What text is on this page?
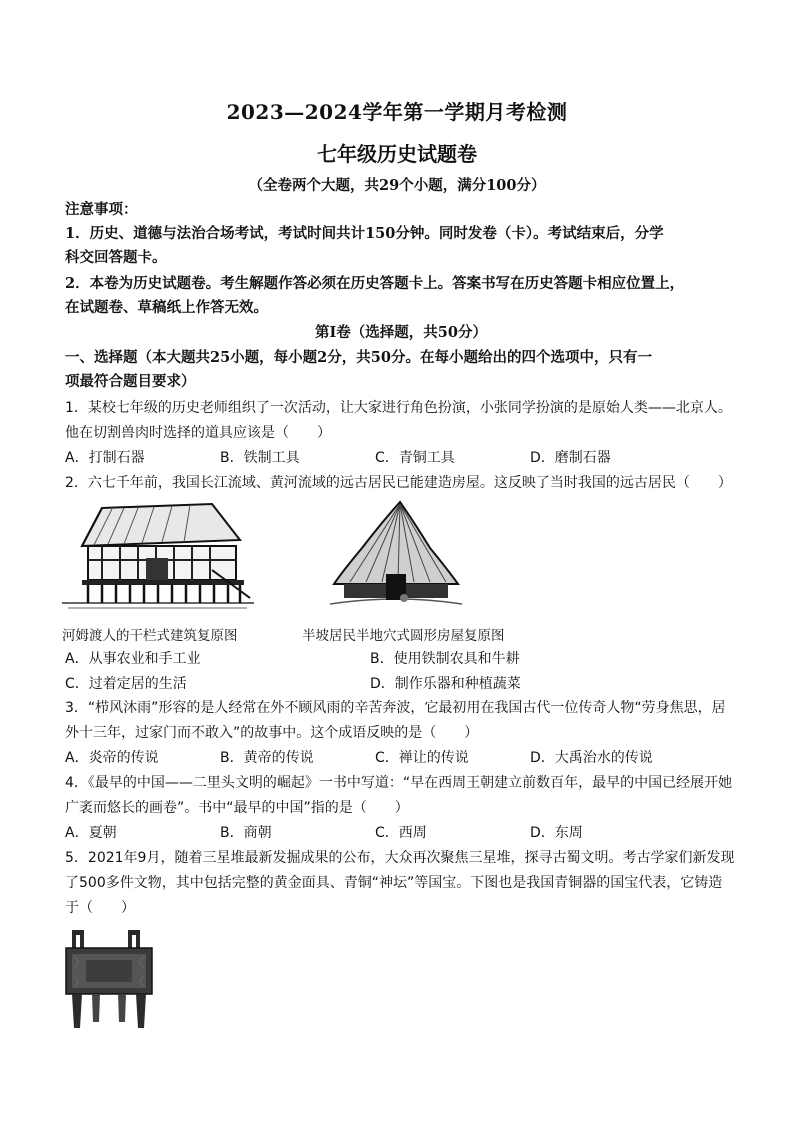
2023—2024学年第一学期月考检测
七年级历史试题卷
（全卷两个大题，共29个小题，满分100分）
注意事项：
1．历史、道德与法治合场考试，考试时间共计150分钟。同时发卷（卡）。考试结束后，分学
科交回答题卡。
2．本卷为历史试题卷。考生解题作答必须在历史答题卡上。答案书写在历史答题卡相应位置上，
在试题卷、草稿纸上作答无效。
第Ⅰ卷（选择题，共50分）
一、选择题（本大题共25小题，每小题2分，共50分。在每小题给出的四个选项中，只有一
项最符合题目要求）
1．某校七年级的历史老师组织了一次活动，让大家进行角色扮演，小张同学扮演的是原始人类——北京人。
他在切割兽肉时选择的道具应该是（　　）
A．打制石器	B．铁制工具	C．青铜工具	D．磨制石器
2．六七千年前，我国长江流域、黄河流域的远古居民已能建造房屋。这反映了当时我国的远古居民（　　）
河姆渡人的干栏式建筑复原图	半坡居民半地穴式圆形房屋复原图
A．从事农业和手工业	B．使用铁制农具和牛耕
C．过着定居的生活	D．制作乐器和种植蔬菜
3．“栉风沐雨”形容的是人经常在外不顾风雨的辛苦奔波，它最初用在我国古代一位传奇人物“劳身焦思，居
外十三年，过家门而不敢入”的故事中。这个成语反映的是（　　）
A．炎帝的传说	B．黄帝的传说	C．禅让的传说	D．大禹治水的传说
4．《最早的中国——二里头文明的崛起》一书中写道：“早在西周王朝建立前数百年，最早的中国已经展开她
广袤而悠长的画卷”。书中“最早的中国”指的是（　　）
A．夏朝	B．商朝	C．西周	D．东周
5．2021年9月，随着三星堆最新发掘成果的公布，大众再次聚焦三星堆，探寻古蜀文明。考古学家们新发现
了500多件文物，其中包括完整的黄金面具、青铜“神坛”等国宝。下图也是我国青铜器的国宝代表，它铸造
于（　　）
